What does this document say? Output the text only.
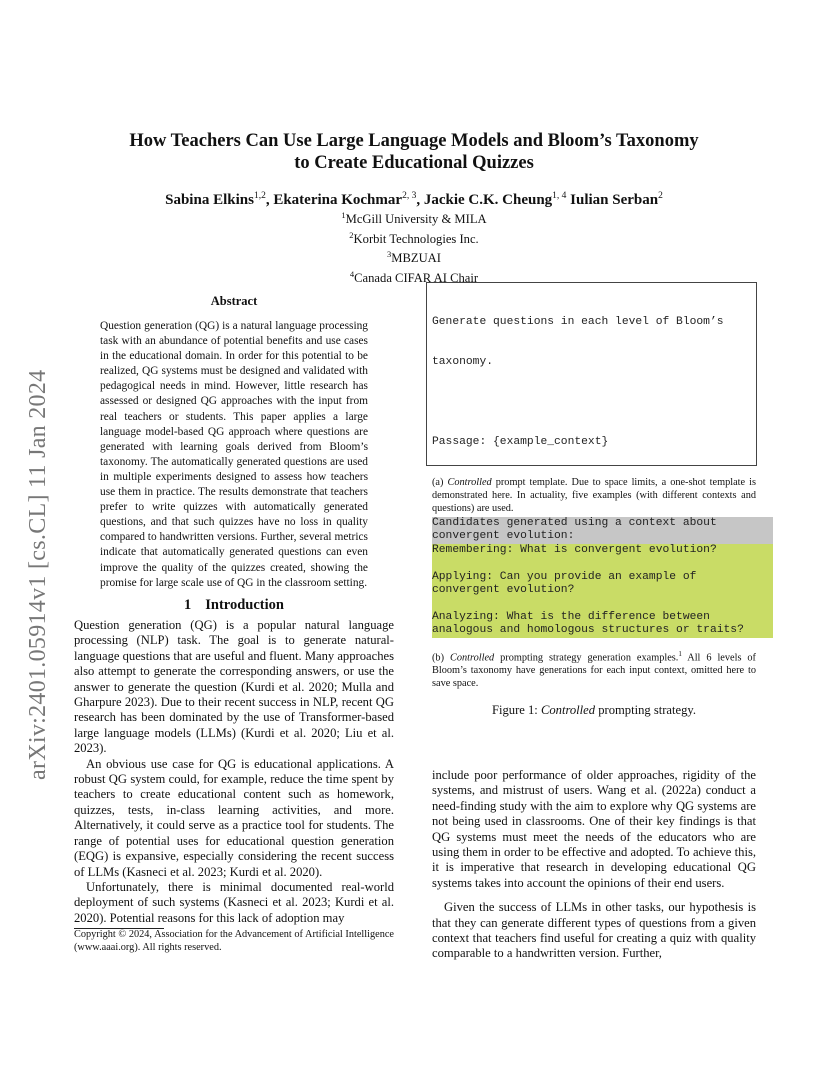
arXiv:2401.05914v1 [cs.CL] 11 Jan 2024
How Teachers Can Use Large Language Models and Bloom’s Taxonomy
to Create Educational Quizzes
Sabina Elkins$^{1,2}$, Ekaterina Kochmar$^{2, 3}$, Jackie C.K. Cheung$^{1, 4}$ Iulian Serban$^2$
$^1$McGill University & MILA
$^2$Korbit Technologies Inc.
$^3$MBZUAI
$^4$Canada CIFAR AI Chair
Abstract
Question generation (QG) is a natural language processing task with an abundance of potential benefits and use cases in the educational domain. In order for this potential to be realized, QG systems must be designed and validated with pedagogical needs in mind. However, little research has assessed or designed QG approaches with the input from real teachers or students. This paper applies a large language model-based QG approach where questions are generated with learning goals derived from Bloom’s taxonomy. The automatically generated questions are used in multiple experiments designed to assess how teachers use them in practice. The results demonstrate that teachers prefer to write quizzes with automatically generated questions, and that such quizzes have no loss in quality compared to handwritten versions. Further, several metrics indicate that automatically generated questions can even improve the quality of the quizzes created, showing the promise for large scale use of QG in the classroom setting.
1 Introduction

Question generation (QG) is a popular natural language processing (NLP) task. The goal is to generate natural-language questions that are useful and fluent. Many approaches also attempt to generate the corresponding answers, or use the answer to generate the question (Kurdi et al. 2020; Mulla and Gharpure 2023). Due to their recent success in NLP, recent QG research has been dominated by the use of Transformer-based large language models (LLMs) (Kurdi et al. 2020; Liu et al. 2023).

An obvious use case for QG is educational applications. A robust QG system could, for example, reduce the time spent by teachers to create educational content such as homework, quizzes, tests, in-class learning activities, and more. Alternatively, it could serve as a practice tool for students. The range of potential uses for educational question generation (EQG) is expansive, especially considering the recent success of LLMs (Kasneci et al. 2023; Kurdi et al. 2020).

Unfortunately, there is minimal documented real-world deployment of such systems (Kasneci et al. 2023; Kurdi et al. 2020). Potential reasons for this lack of adoption may

Copyright © 2024, Association for the Advancement of Artificial Intelligence (www.aaai.org). All rights reserved.

Generate questions in each level of Bloom’s

taxonomy.

Passage: {example_context}

(a) Controlled prompt template. Due to space limits, a one-shot template is demonstrated here. In actuality, five examples (with different contexts and questions) are used.
Candidates generated using a context about
convergent evolution:
Remembering: What is convergent evolution?

Applying: Can you provide an example of
convergent evolution?

Analyzing: What is the difference between
analogous and homologous structures or traits?
(b) Controlled prompting strategy generation examples.$^1$ All 6 levels of Bloom’s taxonomy have generations for each input context, omitted here to save space.
Figure 1: Controlled prompting strategy.

include poor performance of older approaches, rigidity of the systems, and mistrust of users. Wang et al. (2022a) conduct a need-finding study with the aim to explore why QG systems are not being used in classrooms. One of their key findings is that QG systems must meet the needs of the educators who are using them in order to be effective and adopted. To achieve this, it is imperative that research in developing educational QG systems takes into account the opinions of their end users.

Given the success of LLMs in other tasks, our hypothesis is that they can generate different types of questions from a given context that teachers find useful for creating a quiz with quality comparable to a handwritten version. Further,
